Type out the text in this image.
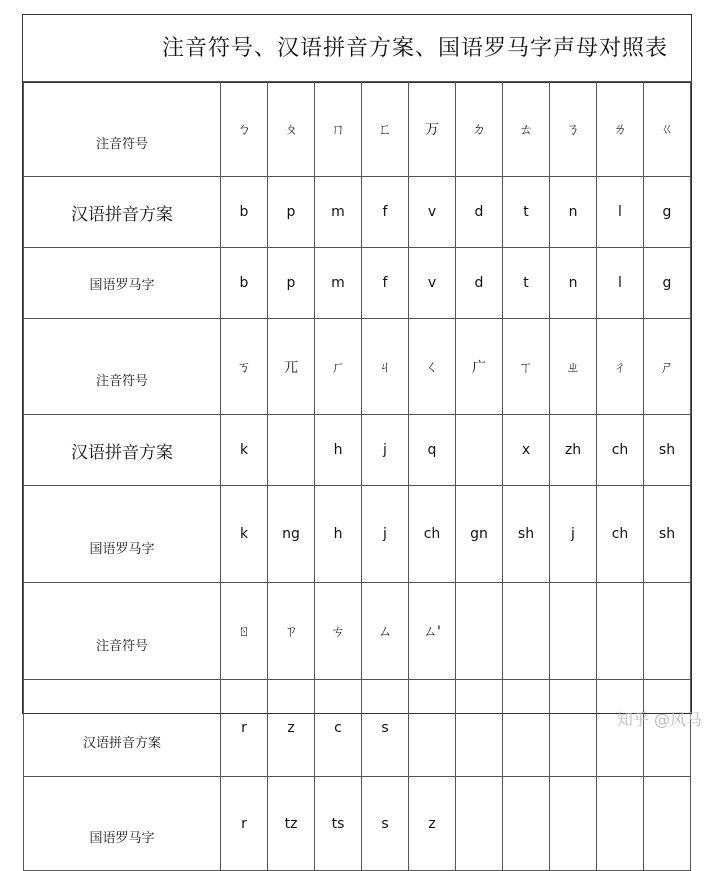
注音符号、汉语拼音方案、国语罗马字声母对照表
注音符号	ㄅ	ㄆ	ㄇ	ㄈ	万	ㄉ	ㄊ	ㄋ	ㄌ	ㄍ
汉语拼音方案	b	p	m	f	v	d	t	n	l	g
国语罗马字	b	p	m	f	v	d	t	n	l	g
注音符号	ㄎ	兀	ㄏ	ㄐ	ㄑ	广	ㄒ	ㄓ	ㄔ	ㄕ
汉语拼音方案	k		h	j	q		x	zh	ch	sh
国语罗马字	k	ng	h	j	ch	gn	sh	j	ch	sh
注音符号	ㄖ	ㄗ	ㄘ	ㄙ	ㄙ'					
汉语拼音方案	r	z	c	s						
国语罗马字	r	tz	ts	s	z					
知乎 @风马
